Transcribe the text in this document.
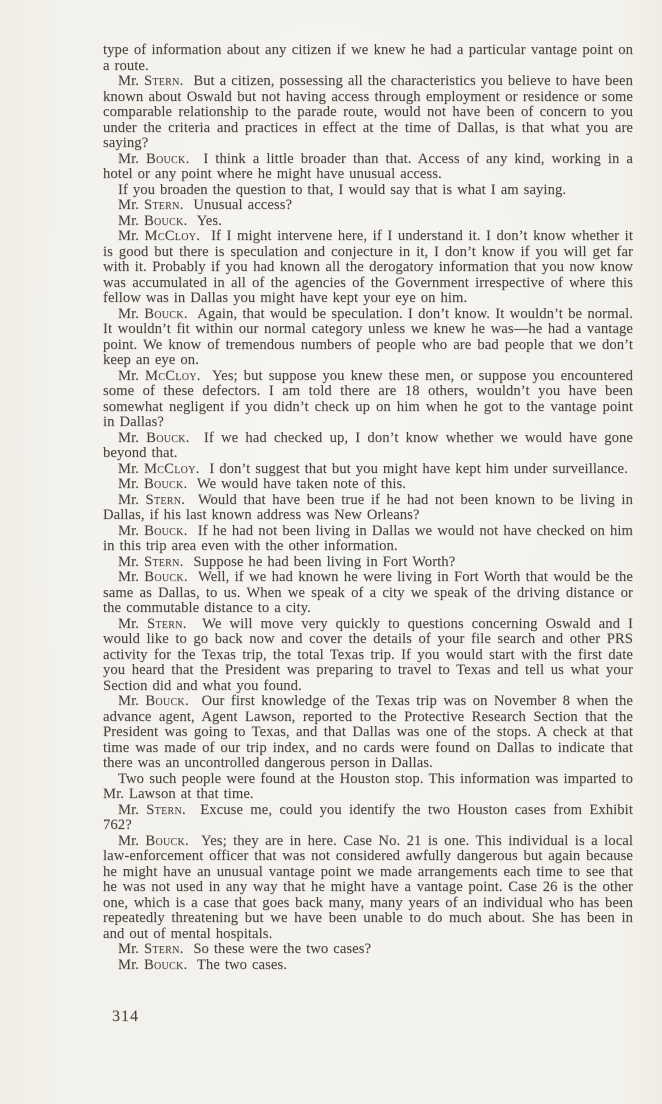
type of information about any citizen if we knew he had a particular vantage point on a route.

Mr. Stern. But a citizen, possessing all the characteristics you believe to have been known about Oswald but not having access through employment or residence or some comparable relationship to the parade route, would not have been of concern to you under the criteria and practices in effect at the time of Dallas, is that what you are saying?

Mr. Bouck. I think a little broader than that. Access of any kind, working in a hotel or any point where he might have unusual access.

If you broaden the question to that, I would say that is what I am saying.

Mr. Stern. Unusual access?

Mr. Bouck. Yes.

Mr. McCloy. If I might intervene here, if I understand it. I don’t know whether it is good but there is speculation and conjecture in it, I don’t know if you will get far with it. Probably if you had known all the derogatory information that you now know was accumulated in all of the agencies of the Government irrespective of where this fellow was in Dallas you might have kept your eye on him.

Mr. Bouck. Again, that would be speculation. I don’t know. It wouldn’t be normal. It wouldn’t fit within our normal category unless we knew he was—he had a vantage point. We know of tremendous numbers of people who are bad people that we don’t keep an eye on.

Mr. McCloy. Yes; but suppose you knew these men, or suppose you encountered some of these defectors. I am told there are 18 others, wouldn’t you have been somewhat negligent if you didn’t check up on him when he got to the vantage point in Dallas?

Mr. Bouck. If we had checked up, I don’t know whether we would have gone beyond that.

Mr. McCloy. I don’t suggest that but you might have kept him under surveillance.

Mr. Bouck. We would have taken note of this.

Mr. Stern. Would that have been true if he had not been known to be living in Dallas, if his last known address was New Orleans?

Mr. Bouck. If he had not been living in Dallas we would not have checked on him in this trip area even with the other information.

Mr. Stern. Suppose he had been living in Fort Worth?

Mr. Bouck. Well, if we had known he were living in Fort Worth that would be the same as Dallas, to us. When we speak of a city we speak of the driving distance or the commutable distance to a city.

Mr. Stern. We will move very quickly to questions concerning Oswald and I would like to go back now and cover the details of your file search and other PRS activity for the Texas trip, the total Texas trip. If you would start with the first date you heard that the President was preparing to travel to Texas and tell us what your Section did and what you found.

Mr. Bouck. Our first knowledge of the Texas trip was on November 8 when the advance agent, Agent Lawson, reported to the Protective Research Section that the President was going to Texas, and that Dallas was one of the stops. A check at that time was made of our trip index, and no cards were found on Dallas to indicate that there was an uncontrolled dangerous person in Dallas.

Two such people were found at the Houston stop. This information was imparted to Mr. Lawson at that time.

Mr. Stern. Excuse me, could you identify the two Houston cases from Exhibit 762?

Mr. Bouck. Yes; they are in here. Case No. 21 is one. This individual is a local law-enforcement officer that was not considered awfully dangerous but again because he might have an unusual vantage point we made arrangements each time to see that he was not used in any way that he might have a vantage point. Case 26 is the other one, which is a case that goes back many, many years of an individual who has been repeatedly threatening but we have been unable to do much about. She has been in and out of mental hospitals.

Mr. Stern. So these were the two cases?

Mr. Bouck. The two cases.

314
